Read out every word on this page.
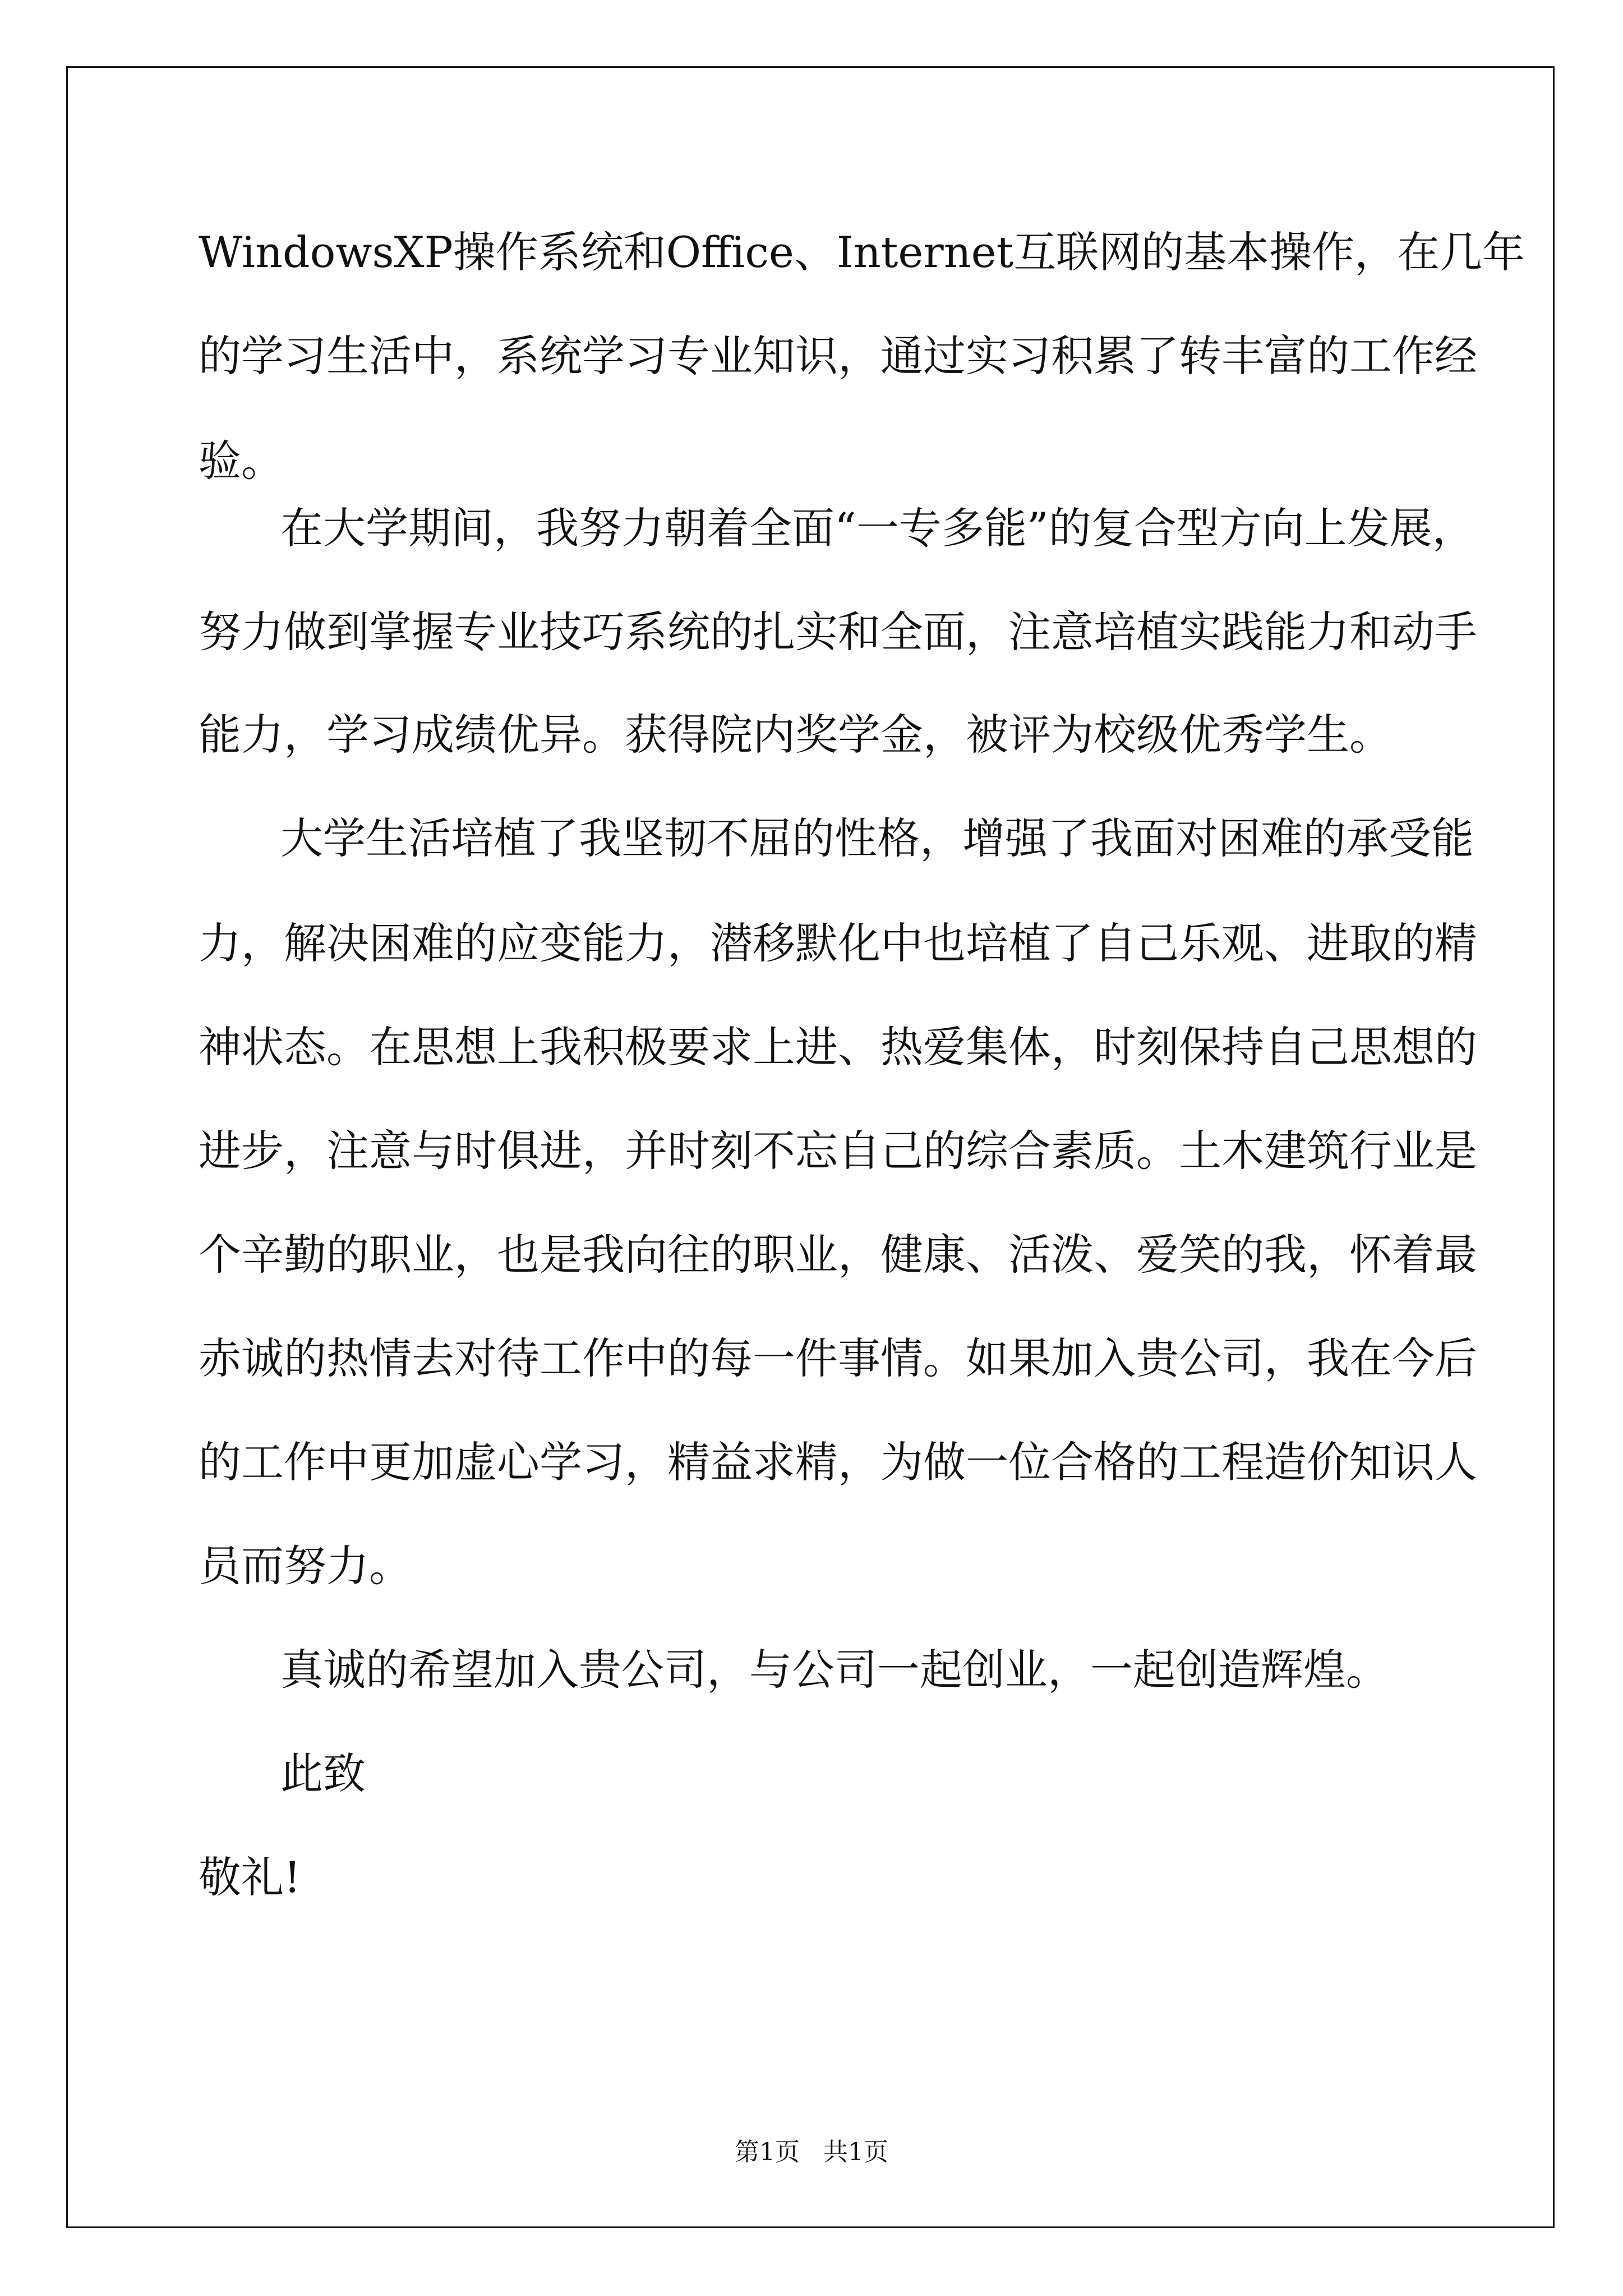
WindowsXP操作系统和Office、Internet互联网的基本操作，在几年

的学习生活中，系统学习专业知识，通过实习积累了转丰富的工作经

验。

在大学期间，我努力朝着全面“一专多能”的复合型方向上发展，

努力做到掌握专业技巧系统的扎实和全面，注意培植实践能力和动手

能力，学习成绩优异。获得院内奖学金，被评为校级优秀学生。

大学生活培植了我坚韧不屈的性格，增强了我面对困难的承受能

力，解决困难的应变能力，潜移默化中也培植了自己乐观、进取的精

神状态。在思想上我积极要求上进、热爱集体，时刻保持自己思想的

进步，注意与时俱进，并时刻不忘自己的综合素质。土木建筑行业是

个辛勤的职业，也是我向往的职业，健康、活泼、爱笑的我，怀着最

赤诚的热情去对待工作中的每一件事情。如果加入贵公司，我在今后

的工作中更加虚心学习，精益求精，为做一位合格的工程造价知识人

员而努力。

真诚的希望加入贵公司，与公司一起创业，一起创造辉煌。

此致

敬礼!

第1页   共1页
